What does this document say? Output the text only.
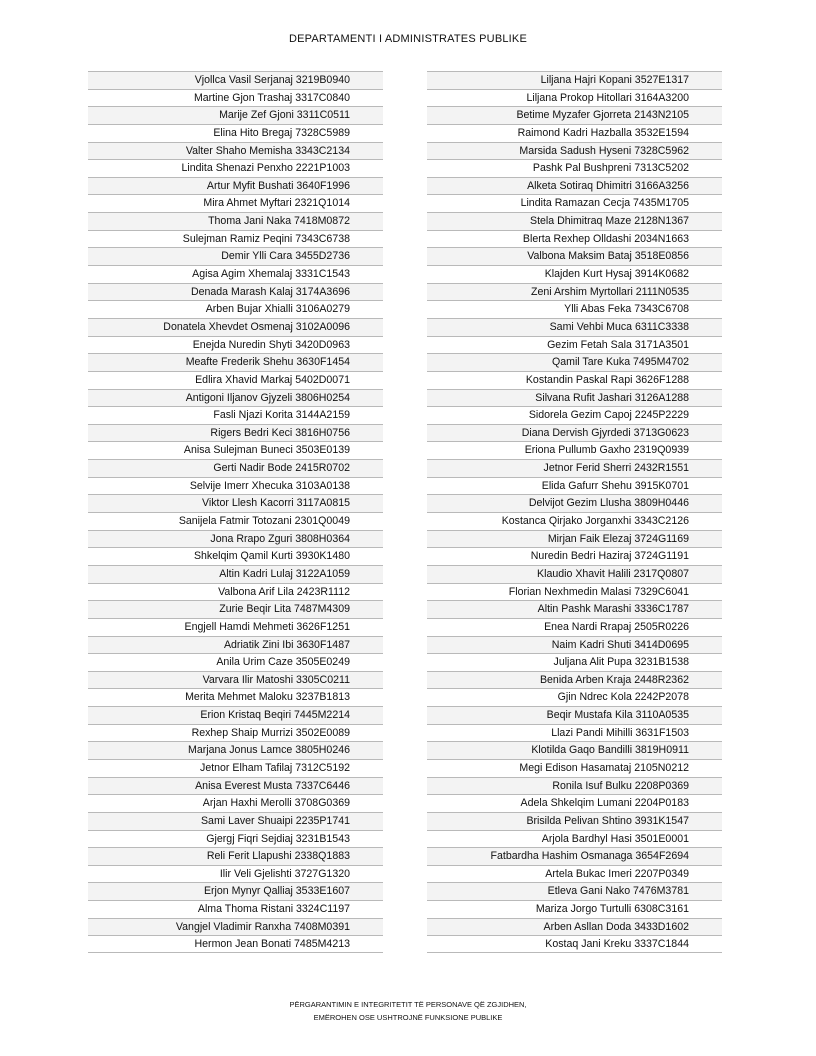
DEPARTAMENTI I ADMINISTRATES PUBLIKE
Vjollca Vasil Serjanaj 3219B0940
Martine Gjon Trashaj 3317C0840
Marije Zef Gjoni 3311C0511
Elina Hito Bregaj 7328C5989
Valter Shaho Memisha 3343C2134
Lindita Shenazi Penxho 2221P1003
Artur Myfit Bushati 3640F1996
Mira Ahmet Myftari 2321Q1014
Thoma Jani Naka 7418M0872
Sulejman Ramiz Peqini 7343C6738
Demir Ylli Cara 3455D2736
Agisa Agim Xhemalaj 3331C1543
Denada Marash Kalaj 3174A3696
Arben Bujar Xhialli 3106A0279
Donatela Xhevdet Osmenaj 3102A0096
Enejda Nuredin Shyti 3420D0963
Meafte Frederik Shehu 3630F1454
Edlira Xhavid Markaj 5402D0071
Antigoni Iljanov Gjyzeli 3806H0254
Fasli Njazi Korita 3144A2159
Rigers Bedri Keci 3816H0756
Anisa Sulejman Buneci 3503E0139
Gerti Nadir Bode 2415R0702
Selvije Imerr Xhecuka 3103A0138
Viktor Llesh Kacorri 3117A0815
Sanijela Fatmir Totozani 2301Q0049
Jona Rrapo Zguri 3808H0364
Shkelqim Qamil Kurti 3930K1480
Altin Kadri Lulaj 3122A1059
Valbona Arif Lila 2423R1112
Zurie Beqir Lita 7487M4309
Engjell Hamdi Mehmeti 3626F1251
Adriatik Zini Ibi 3630F1487
Anila Urim Caze 3505E0249
Varvara Ilir Matoshi 3305C0211
Merita Mehmet Maloku 3237B1813
Erion Kristaq Beqiri 7445M2214
Rexhep Shaip Murrizi 3502E0089
Marjana Jonus Lamce 3805H0246
Jetnor Elham Tafilaj 7312C5192
Anisa Everest Musta 7337C6446
Arjan Haxhi Merolli 3708G0369
Sami Laver Shuaipi 2235P1741
Gjergj Fiqri Sejdiaj 3231B1543
Reli Ferit Llapushi 2338Q1883
Ilir Veli Gjelishti 3727G1320
Erjon Mynyr Qalliaj 3533E1607
Alma Thoma Ristani 3324C1197
Vangjel Vladimir Ranxha 7408M0391
Hermon Jean Bonati 7485M4213
Liljana Hajri Kopani 3527E1317
Liljana Prokop Hitollari 3164A3200
Betime Myzafer Gjorreta 2143N2105
Raimond Kadri Hazballa 3532E1594
Marsida Sadush Hyseni 7328C5962
Pashk Pal Bushpreni 7313C5202
Alketa Sotiraq Dhimitri 3166A3256
Lindita Ramazan Cecja 7435M1705
Stela Dhimitraq Maze 2128N1367
Blerta Rexhep Olldashi 2034N1663
Valbona Maksim Bataj 3518E0856
Klajden Kurt Hysaj 3914K0682
Zeni Arshim Myrtollari 2111N0535
Ylli Abas Feka 7343C6708
Sami Vehbi Muca 6311C3338
Gezim Fetah Sala 3171A3501
Qamil Tare Kuka 7495M4702
Kostandin Paskal Rapi 3626F1288
Silvana Rufit Jashari 3126A1288
Sidorela Gezim Capoj 2245P2229
Diana Dervish Gjyrdedi 3713G0623
Eriona Pullumb Gaxho 2319Q0939
Jetnor Ferid Sherri 2432R1551
Elida Gafurr Shehu 3915K0701
Delvijot Gezim Llusha 3809H0446
Kostanca Qirjako Jorganxhi 3343C2126
Mirjan Faik Elezaj 3724G1169
Nuredin Bedri Haziraj 3724G1191
Klaudio Xhavit Halili 2317Q0807
Florian Nexhmedin Malasi 7329C6041
Altin Pashk Marashi 3336C1787
Enea Nardi Rrapaj 2505R0226
Naim Kadri Shuti 3414D0695
Juljana Alit Pupa 3231B1538
Benida Arben Kraja 2448R2362
Gjin Ndrec Kola 2242P2078
Beqir Mustafa Kila 3110A0535
Llazi Pandi Mihilli 3631F1503
Klotilda Gaqo Bandilli 3819H0911
Megi Edison Hasamataj 2105N0212
Ronila Isuf Bulku 2208P0369
Adela Shkelqim Lumani 2204P0183
Brisilda Pelivan Shtino 3931K1547
Arjola Bardhyl Hasi 3501E0001
Fatbardha Hashim Osmanaga 3654F2694
Artela Bukac Imeri 2207P0349
Etleva Gani Nako 7476M3781
Mariza Jorgo Turtulli 6308C3161
Arben Asllan Doda 3433D1602
Kostaq Jani Kreku 3337C1844
PËRGARANTIMIN E INTEGRITETIT TË PERSONAVE QË ZGJIDHEN,
EMËROHEN OSE USHTROJNË FUNKSIONE PUBLIKE
